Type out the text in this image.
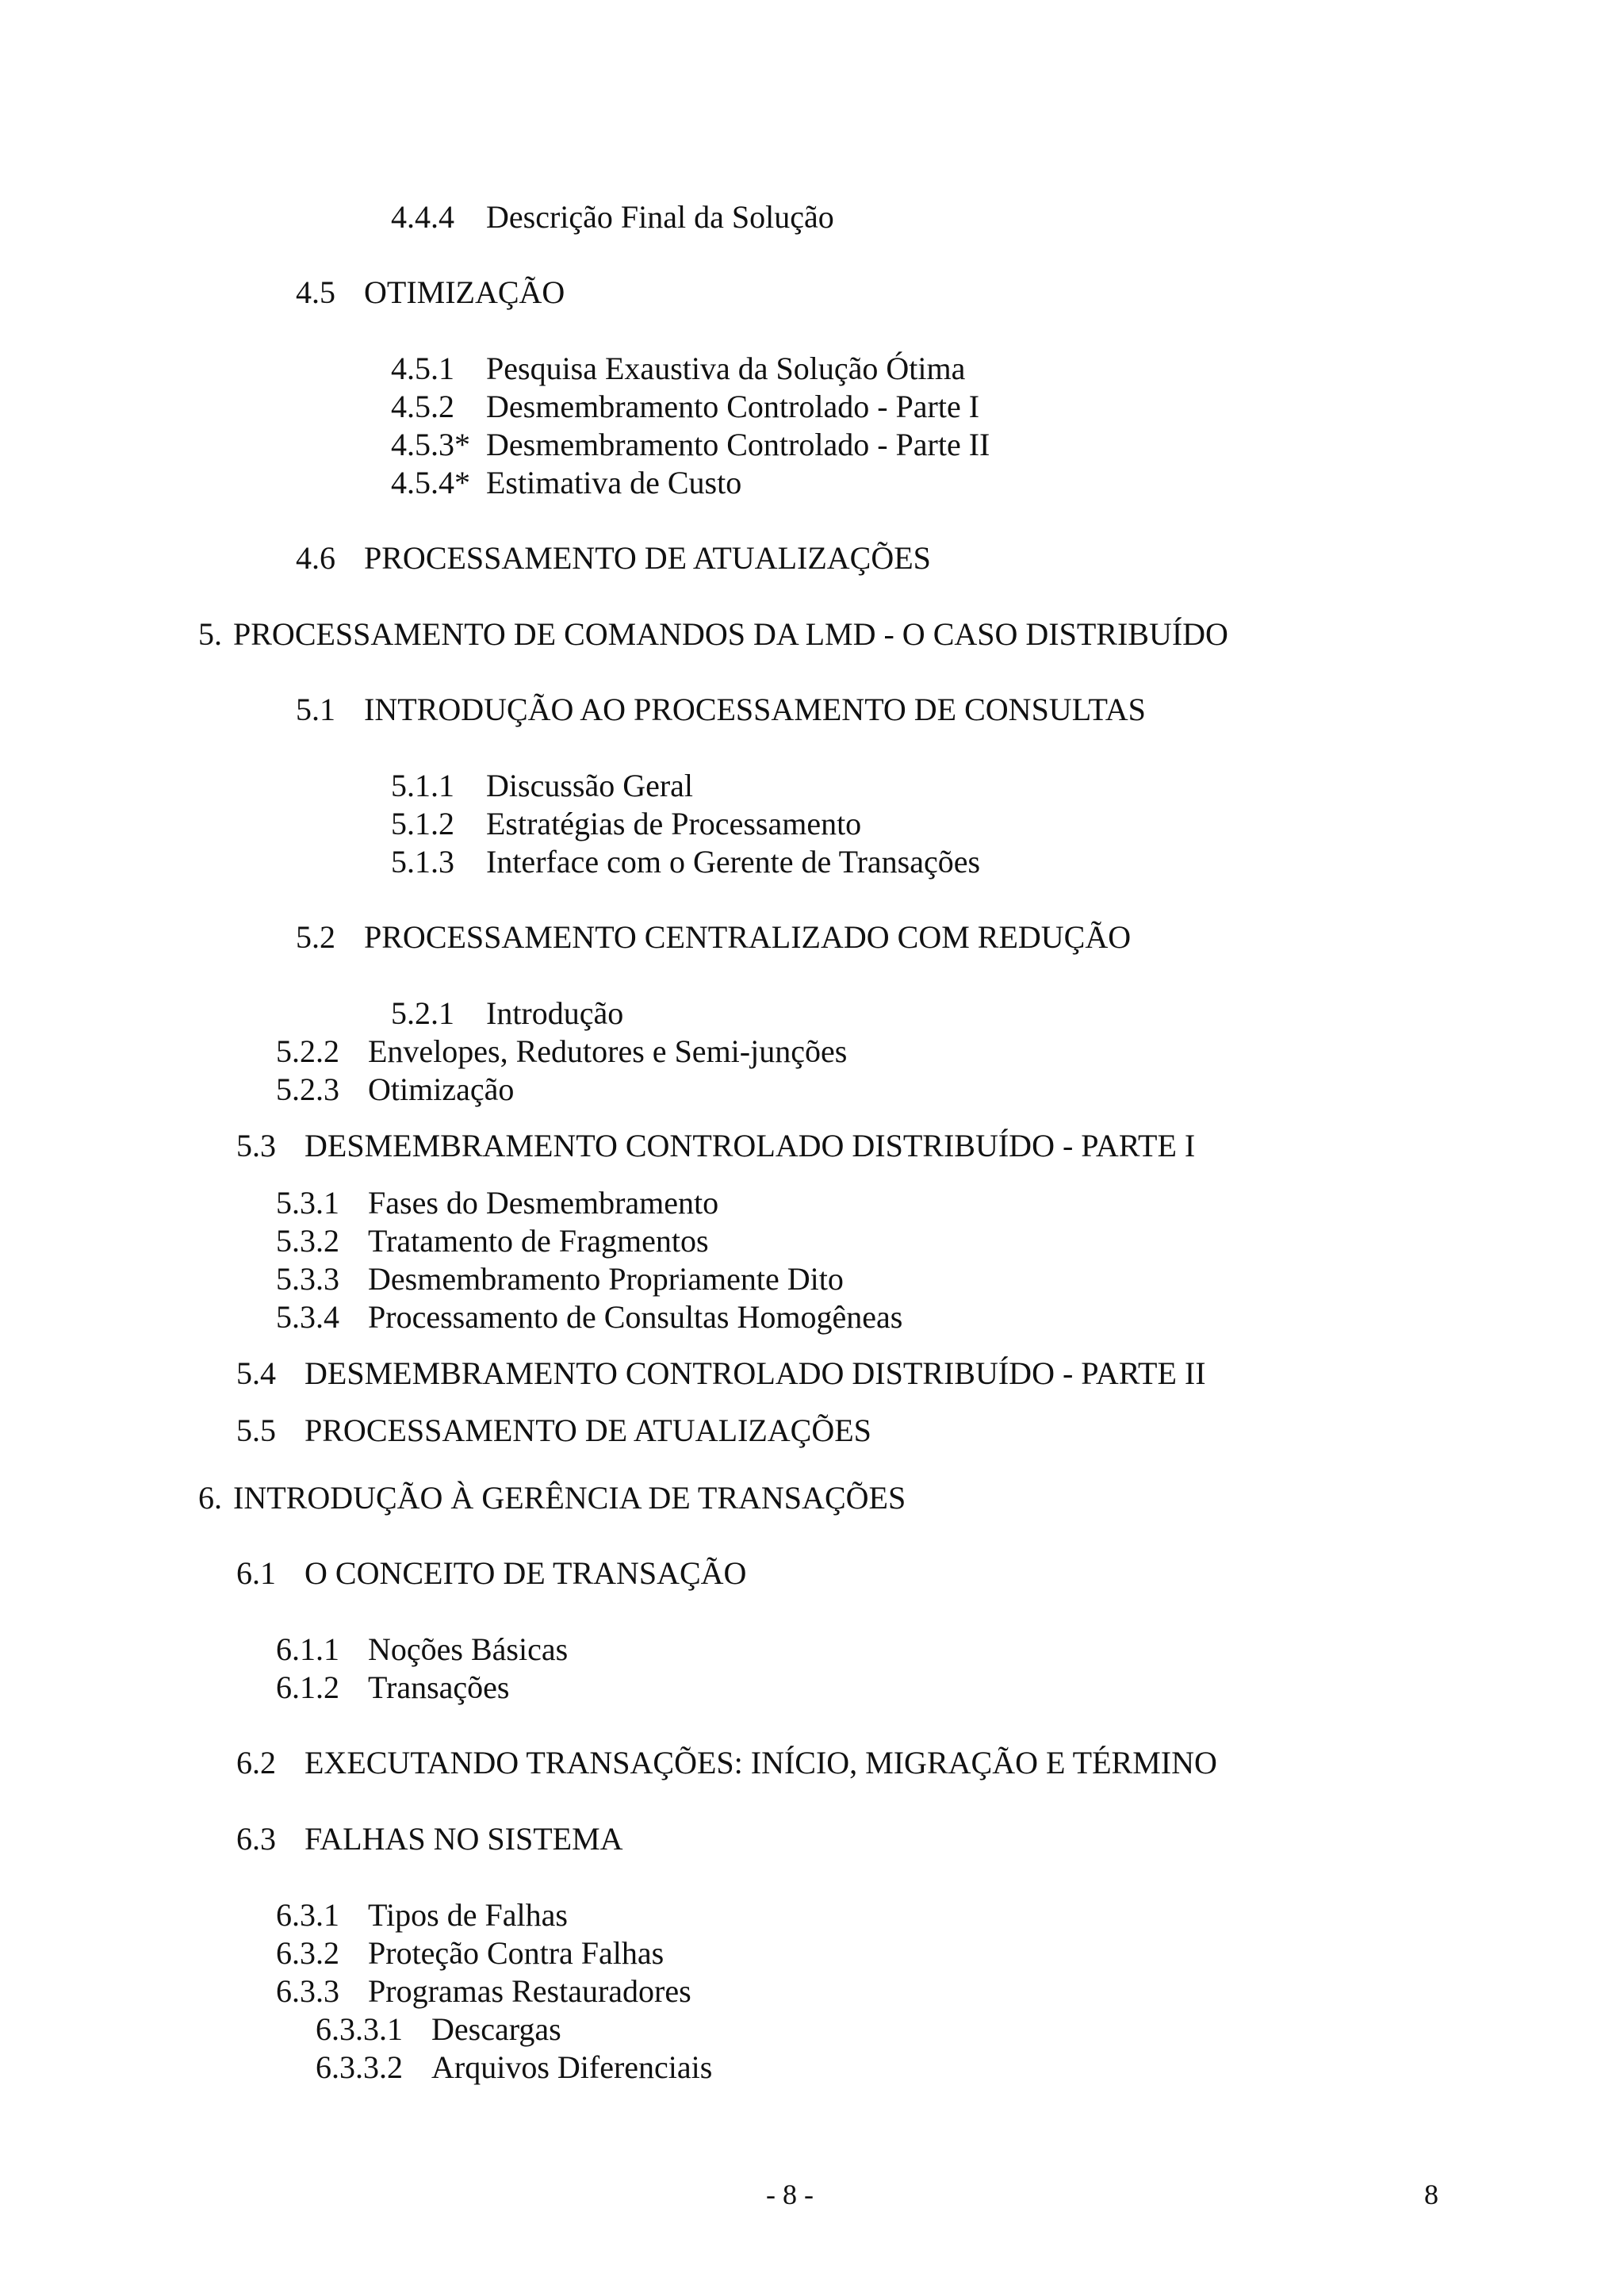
4.4.4	Descrição Final da Solução
4.5 OTIMIZAÇÃO
4.5.1	Pesquisa Exaustiva da Solução Ótima
4.5.2	Desmembramento Controlado - Parte I
4.5.3* Desmembramento Controlado - Parte II
4.5.4* Estimativa de Custo
4.6 PROCESSAMENTO DE ATUALIZAÇÕES
5. PROCESSAMENTO DE COMANDOS DA LMD - O CASO DISTRIBUÍDO
5.1 INTRODUÇÃO AO PROCESSAMENTO DE CONSULTAS
5.1.1	Discussão Geral
5.1.2	Estratégias de Processamento
5.1.3	Interface com o Gerente de Transações
5.2 PROCESSAMENTO CENTRALIZADO COM REDUÇÃO
5.2.1	Introdução
5.2.2 Envelopes, Redutores e Semi-junções
5.2.3 Otimização
5.3 DESMEMBRAMENTO CONTROLADO DISTRIBUÍDO - PARTE I
5.3.1 Fases do Desmembramento
5.3.2 Tratamento de Fragmentos
5.3.3 Desmembramento Propriamente Dito
5.3.4 Processamento de Consultas Homogêneas
5.4 DESMEMBRAMENTO CONTROLADO DISTRIBUÍDO - PARTE II
5.5 PROCESSAMENTO DE ATUALIZAÇÕES
6. INTRODUÇÃO À GERÊNCIA DE TRANSAÇÕES
6.1 O CONCEITO DE TRANSAÇÃO
6.1.1 Noções Básicas
6.1.2 Transações
6.2 EXECUTANDO TRANSAÇÕES: INÍCIO, MIGRAÇÃO E TÉRMINO
6.3 FALHAS NO SISTEMA
6.3.1 Tipos de Falhas
6.3.2 Proteção Contra Falhas
6.3.3 Programas Restauradores
6.3.3.1 Descargas
6.3.3.2 Arquivos Diferenciais
- 8 -	8
